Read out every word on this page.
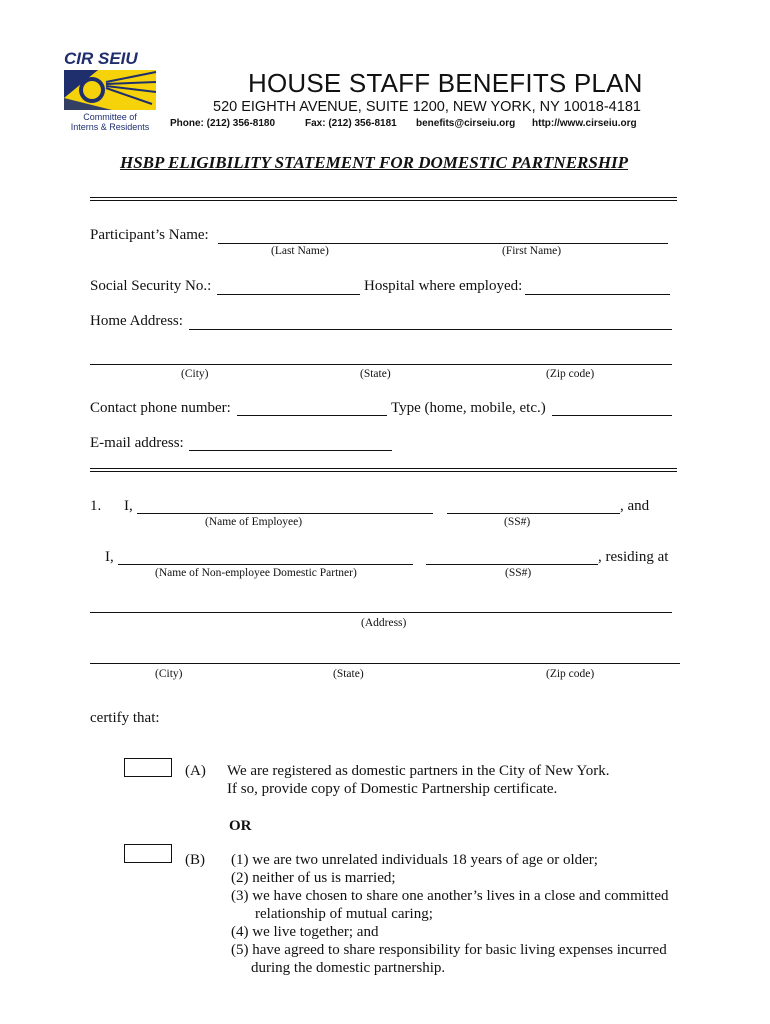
CIR SEIU
Committee of
Interns & Residents
HOUSE STAFF BENEFITS PLAN
520 EIGHTH AVENUE, SUITE 1200, NEW YORK, NY 10018-4181
Phone: (212) 356-8180	Fax: (212) 356-8181 benefits@cirseiu.org http://www.cirseiu.org
HSBP ELIGIBILITY STATEMENT FOR DOMESTIC PARTNERSHIP
Participant’s Name:
(Last Name)	(First Name)
Social Security No.:	Hospital where employed:
Home Address:
(City)	(State)	(Zip code)
Contact phone number:	Type (home, mobile, etc.)
E-mail address:
1. I,	, and
(Name of Employee)	(SS#)
I,	, residing at
(Name of Non-employee Domestic Partner)	(SS#)
(Address)
(City)	(State)	(Zip code)
certify that:
(A) We are registered as domestic partners in the City of New York.
If so, provide copy of Domestic Partnership certificate.
OR
(B) (1) we are two unrelated individuals 18 years of age or older;
(2) neither of us is married;
(3) we have chosen to share one another’s lives in a close and committed
relationship of mutual caring;
(4) we live together; and
(5) have agreed to share responsibility for basic living expenses incurred
during the domestic partnership.
